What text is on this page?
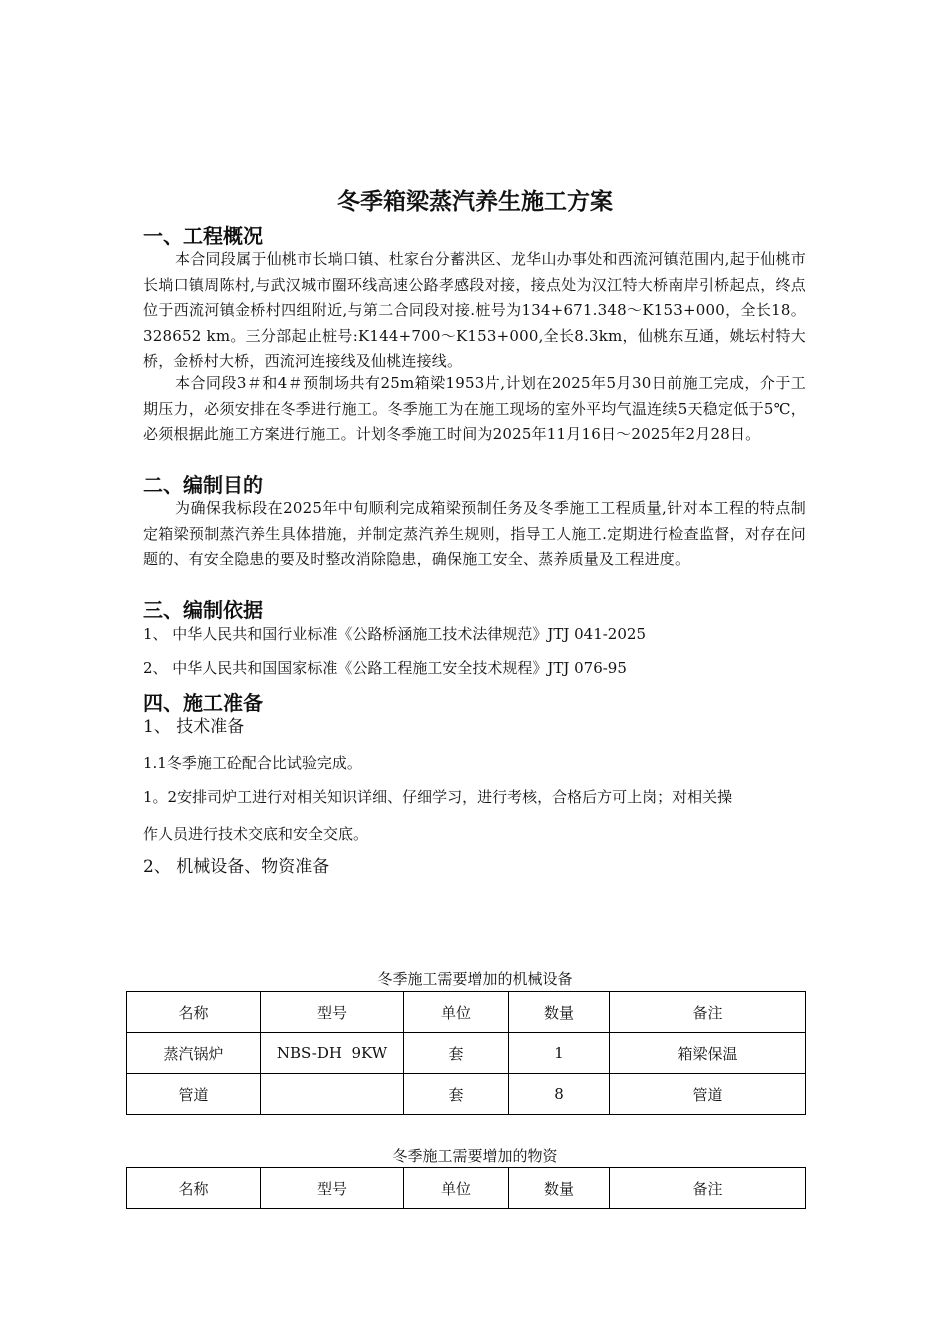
冬季箱梁蒸汽养生施工方案
一、工程概况
本合同段属于仙桃市长埫口镇、杜家台分蓄洪区、龙华山办事处和西流河镇范围内,起于仙桃市长埫口镇周陈村,与武汉城市圈环线高速公路孝感段对接，接点处为汉江特大桥南岸引桥起点，终点位于西流河镇金桥村四组附近,与第二合同段对接.桩号为134+671.348～K153+000，全长18。328652 km。三分部起止桩号:K144+700～K153+000,全长8.3km，仙桃东互通，姚坛村特大桥，金桥村大桥，西流河连接线及仙桃连接线。
本合同段3＃和4＃预制场共有25m箱梁1953片,计划在2025年5月30日前施工完成，介于工期压力，必须安排在冬季进行施工。冬季施工为在施工现场的室外平均气温连续5天稳定低于5℃，必须根据此施工方案进行施工。计划冬季施工时间为2025年11月16日～2025年2月28日。
二、编制目的
为确保我标段在2025年中旬顺利完成箱梁预制任务及冬季施工工程质量,针对本工程的特点制定箱梁预制蒸汽养生具体措施，并制定蒸汽养生规则，指导工人施工.定期进行检查监督，对存在问题的、有安全隐患的要及时整改消除隐患，确保施工安全、蒸养质量及工程进度。
三、编制依据
1、 中华人民共和国行业标准《公路桥涵施工技术法律规范》JTJ 041-2025
2、 中华人民共和国国家标准《公路工程施工安全技术规程》JTJ 076-95
四、施工准备
1、 技术准备
1.1冬季施工砼配合比试验完成。
1。2安排司炉工进行对相关知识详细、仔细学习，进行考核，合格后方可上岗；对相关操
作人员进行技术交底和安全交底。
2、 机械设备、物资准备
冬季施工需要增加的机械设备
名称	型号	单位	数量	备注
蒸汽锅炉	NBS-DH  9KW	套	1	箱梁保温
管道		套	8	管道
冬季施工需要增加的物资
名称	型号	单位	数量	备注
